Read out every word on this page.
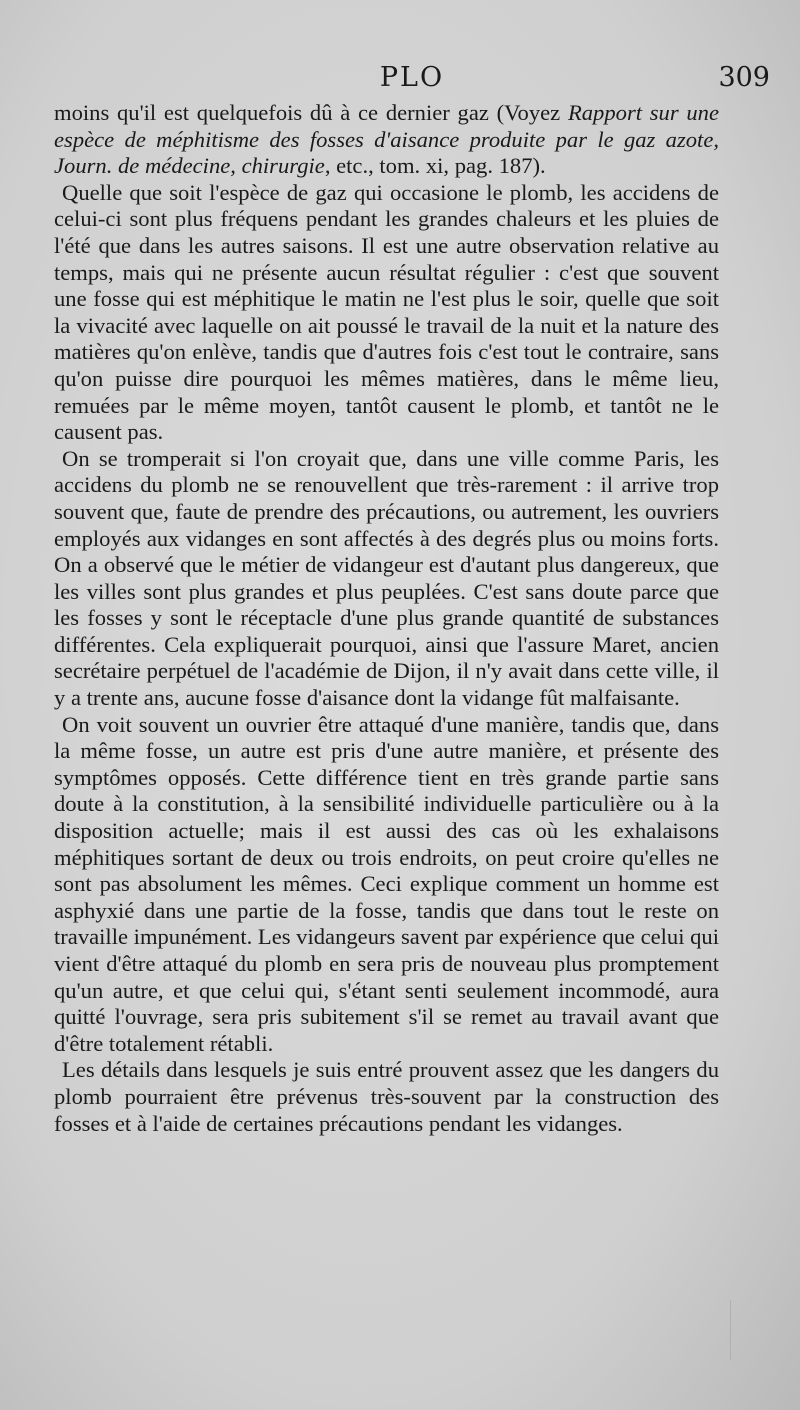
PLO	309

moins qu'il est quelquefois dû à ce dernier gaz (Voyez Rapport sur une espèce de méphitisme des fosses d'aisance produite par le gaz azote, Journ. de médecine, chirurgie, etc., tom. xi, pag. 187).

Quelle que soit l'espèce de gaz qui occasione le plomb, les accidens de celui-ci sont plus fréquens pendant les grandes chaleurs et les pluies de l'été que dans les autres saisons. Il est une autre observation relative au temps, mais qui ne présente aucun résultat régulier : c'est que souvent une fosse qui est méphitique le matin ne l'est plus le soir, quelle que soit la vivacité avec laquelle on ait poussé le travail de la nuit et la nature des matières qu'on enlève, tandis que d'autres fois c'est tout le contraire, sans qu'on puisse dire pourquoi les mêmes matières, dans le même lieu, remuées par le même moyen, tantôt causent le plomb, et tantôt ne le causent pas.

On se tromperait si l'on croyait que, dans une ville comme Paris, les accidens du plomb ne se renouvellent que très-rarement : il arrive trop souvent que, faute de prendre des précautions, ou autrement, les ouvriers employés aux vidanges en sont affectés à des degrés plus ou moins forts. On a observé que le métier de vidangeur est d'autant plus dangereux, que les villes sont plus grandes et plus peuplées. C'est sans doute parce que les fosses y sont le réceptacle d'une plus grande quantité de substances différentes. Cela expliquerait pourquoi, ainsi que l'assure Maret, ancien secrétaire perpétuel de l'académie de Dijon, il n'y avait dans cette ville, il y a trente ans, aucune fosse d'aisance dont la vidange fût malfaisante.

On voit souvent un ouvrier être attaqué d'une manière, tandis que, dans la même fosse, un autre est pris d'une autre manière, et présente des symptômes opposés. Cette différence tient en très grande partie sans doute à la constitution, à la sensibilité individuelle particulière ou à la disposition actuelle; mais il est aussi des cas où les exhalaisons méphitiques sortant de deux ou trois endroits, on peut croire qu'elles ne sont pas absolument les mêmes. Ceci explique comment un homme est asphyxié dans une partie de la fosse, tandis que dans tout le reste on travaille impunément. Les vidangeurs savent par expérience que celui qui vient d'être attaqué du plomb en sera pris de nouveau plus promptement qu'un autre, et que celui qui, s'étant senti seulement incommodé, aura quitté l'ouvrage, sera pris subitement s'il se remet au travail avant que d'être totalement rétabli.

Les détails dans lesquels je suis entré prouvent assez que les dangers du plomb pourraient être prévenus très-souvent par la construction des fosses et à l'aide de certaines précautions pendant les vidanges.
